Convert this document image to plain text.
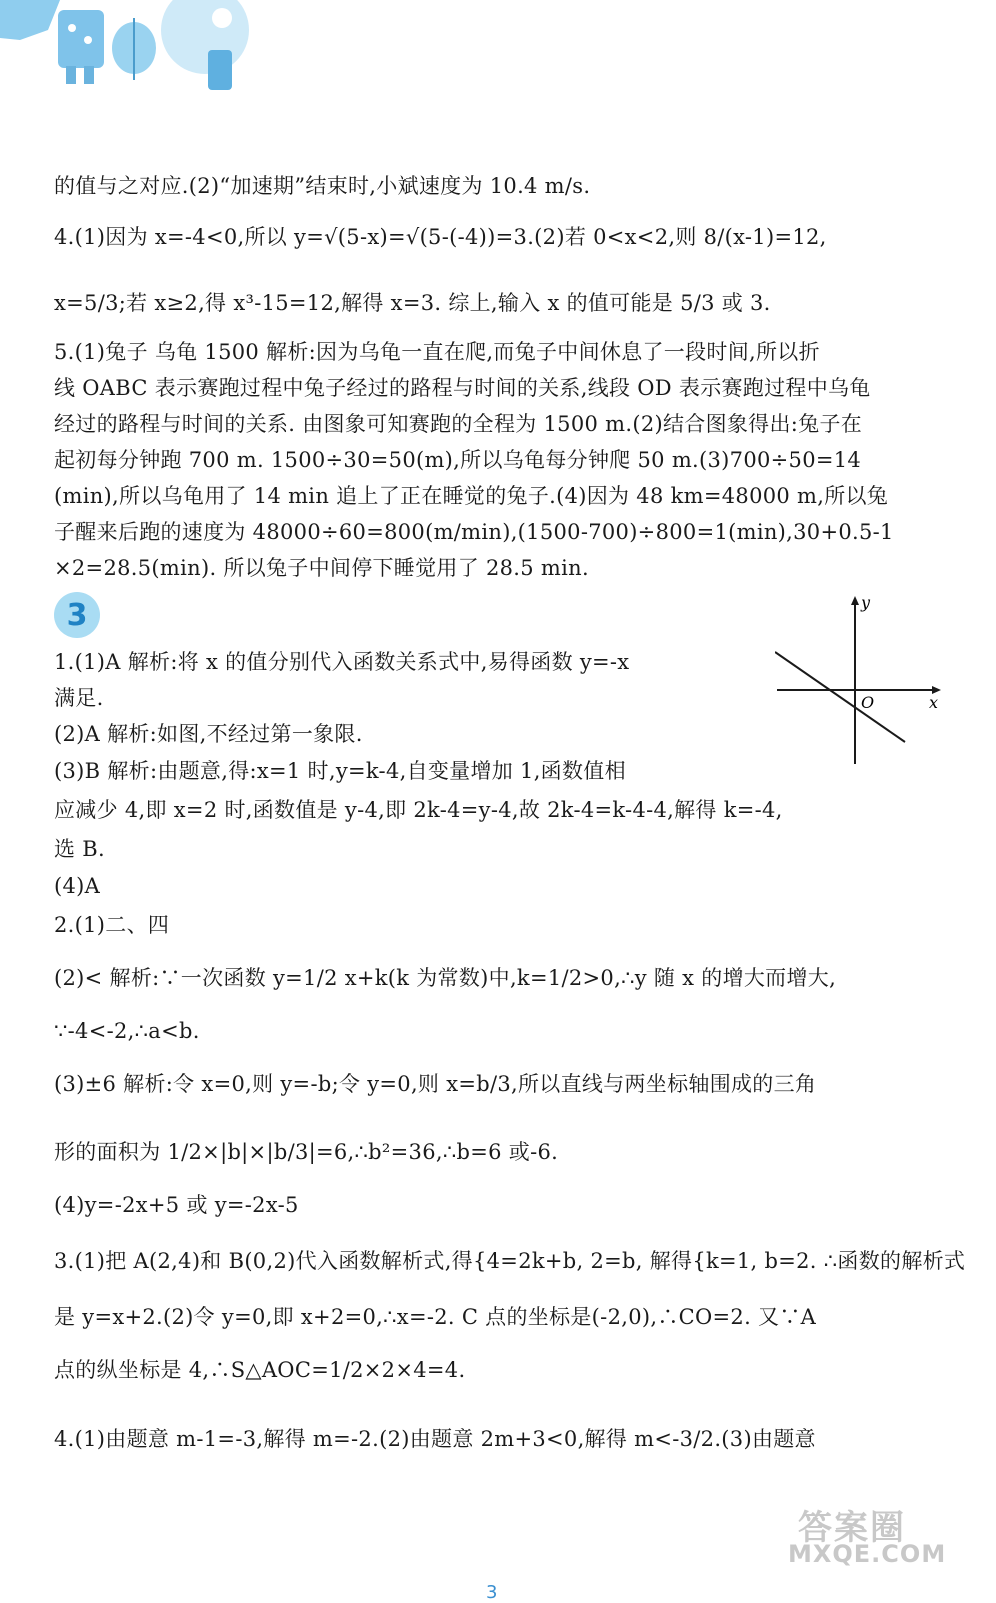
3
的值与之对应.(2)“加速期”结束时,小斌速度为 10.4 m/s.
4.(1)因为 x=-4<0,所以 y=√(5-x)=√(5-(-4))=3.(2)若 0<x<2,则 8/(x-1)=12,
x=5/3;若 x≥2,得 x³-15=12,解得 x=3. 综上,输入 x 的值可能是 5/3 或 3.
5.(1)兔子 乌龟 1500 解析:因为乌龟一直在爬,而兔子中间休息了一段时间,所以折
线 OABC 表示赛跑过程中兔子经过的路程与时间的关系,线段 OD 表示赛跑过程中乌龟
经过的路程与时间的关系. 由图象可知赛跑的全程为 1500 m.(2)结合图象得出:兔子在
起初每分钟跑 700 m. 1500÷30=50(m),所以乌龟每分钟爬 50 m.(3)700÷50=14
(min),所以乌龟用了 14 min 追上了正在睡觉的兔子.(4)因为 48 km=48000 m,所以兔
子醒来后跑的速度为 48000÷60=800(m/min),(1500-700)÷800=1(min),30+0.5-1
×2=28.5(min). 所以兔子中间停下睡觉用了 28.5 min.
1.(1)A 解析:将 x 的值分别代入函数关系式中,易得函数 y=-x
满足.
(2)A 解析:如图,不经过第一象限.
(3)B 解析:由题意,得:x=1 时,y=k-4,自变量增加 1,函数值相
应减少 4,即 x=2 时,函数值是 y-4,即 2k-4=y-4,故 2k-4=k-4-4,解得 k=-4,
选 B.
(4)A
2.(1)二、四
(2)< 解析:∵一次函数 y=1/2 x+k(k 为常数)中,k=1/2>0,∴y 随 x 的增大而增大,
∵-4<-2,∴a<b.
(3)±6 解析:令 x=0,则 y=-b;令 y=0,则 x=b/3,所以直线与两坐标轴围成的三角
形的面积为 1/2×|b|×|b/3|=6,∴b²=36,∴b=6 或-6.
(4)y=-2x+5 或 y=-2x-5
3.(1)把 A(2,4)和 B(0,2)代入函数解析式,得{4=2k+b, 2=b, 解得{k=1, b=2. ∴函数的解析式
是 y=x+2.(2)令 y=0,即 x+2=0,∴x=-2. C 点的坐标是(-2,0),∴CO=2. 又∵A
点的纵坐标是 4,∴S△AOC=1/2×2×4=4.
4.(1)由题意 m-1=-3,解得 m=-2.(2)由题意 2m+3<0,解得 m<-3/2.(3)由题意
y
x
O
答案圈
MXQE.COM
3
